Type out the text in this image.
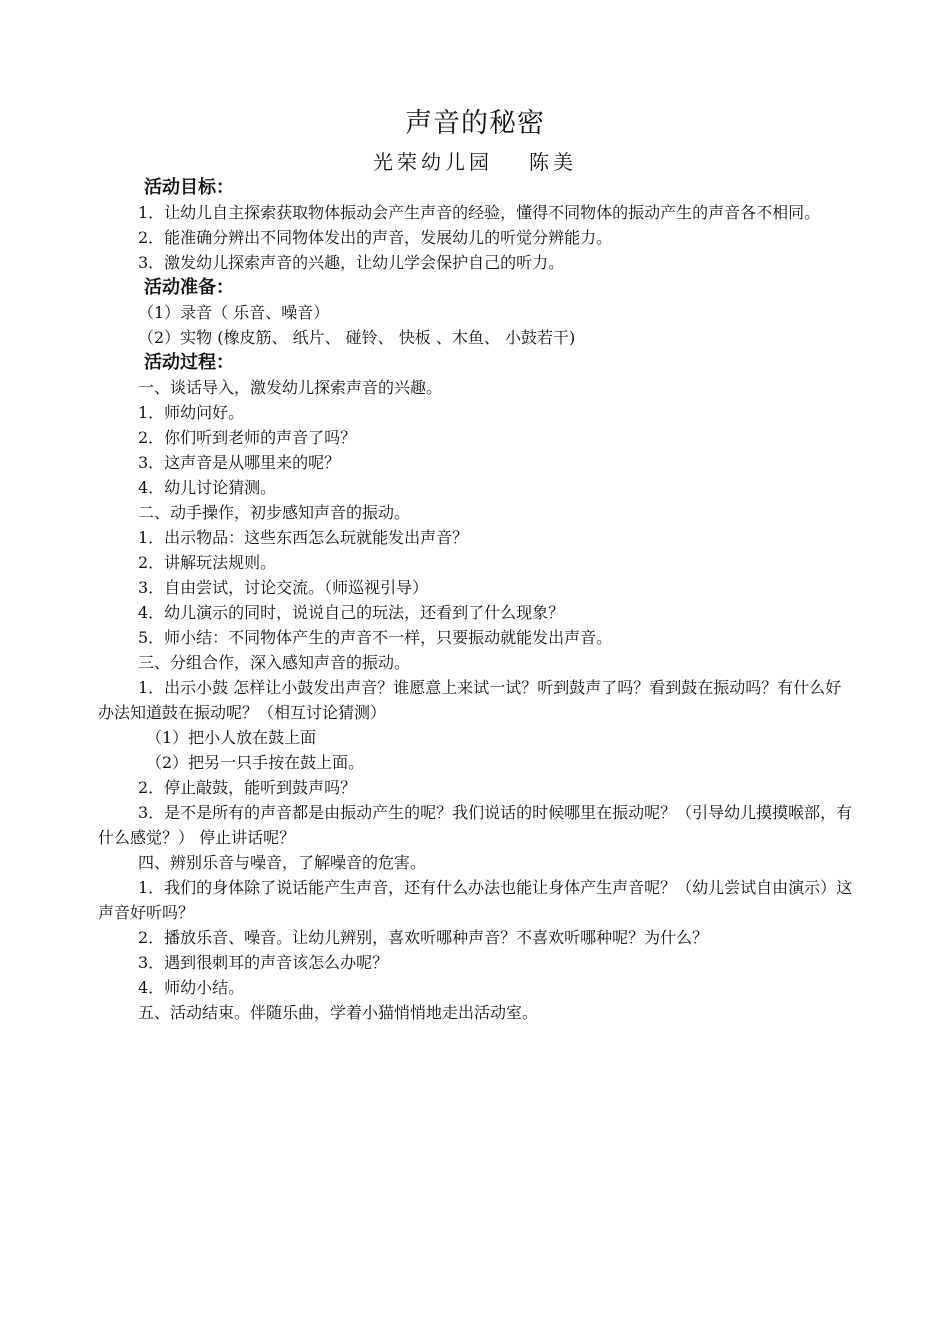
声音的秘密
光荣幼儿园 陈美

活动目标：

1．让幼儿自主探索获取物体振动会产生声音的经验，懂得不同物体的振动产生的声音各不相同。

2．能准确分辨出不同物体发出的声音，发展幼儿的听觉分辨能力。

3．激发幼儿探索声音的兴趣，让幼儿学会保护自己的听力。

活动准备：

（1）录音（ 乐音、噪音）

（2）实物 (橡皮筋、 纸片、 碰铃、 快板 、木鱼、 小鼓若干)

活动过程：

一、谈话导入，激发幼儿探索声音的兴趣。

1．师幼问好。

2．你们听到老师的声音了吗？

3．这声音是从哪里来的呢？

4．幼儿讨论猜测。

二、动手操作，初步感知声音的振动。

1．出示物品：这些东西怎么玩就能发出声音？

2．讲解玩法规则。

3．自由尝试，讨论交流。（师巡视引导）

4．幼儿演示的同时，说说自己的玩法，还看到了什么现象？

5．师小结：不同物体产生的声音不一样，只要振动就能发出声音。

三、分组合作，深入感知声音的振动。

1．出示小鼓 怎样让小鼓发出声音？谁愿意上来试一试？听到鼓声了吗？看到鼓在振动吗？有什么好办法知道鼓在振动呢？（相互讨论猜测）

（1）把小人放在鼓上面

（2）把另一只手按在鼓上面。

2．停止敲鼓，能听到鼓声吗？

3．是不是所有的声音都是由振动产生的呢？我们说话的时候哪里在振动呢？（引导幼儿摸摸喉部，有什么感觉？） 停止讲话呢？

四、辨别乐音与噪音，了解噪音的危害。

1．我们的身体除了说话能产生声音，还有什么办法也能让身体产生声音呢？（幼儿尝试自由演示）这声音好听吗？

2．播放乐音、噪音。让幼儿辨别，喜欢听哪种声音？不喜欢听哪种呢？为什么？

3．遇到很刺耳的声音该怎么办呢？

4．师幼小结。

五、活动结束。伴随乐曲，学着小猫悄悄地走出活动室。
